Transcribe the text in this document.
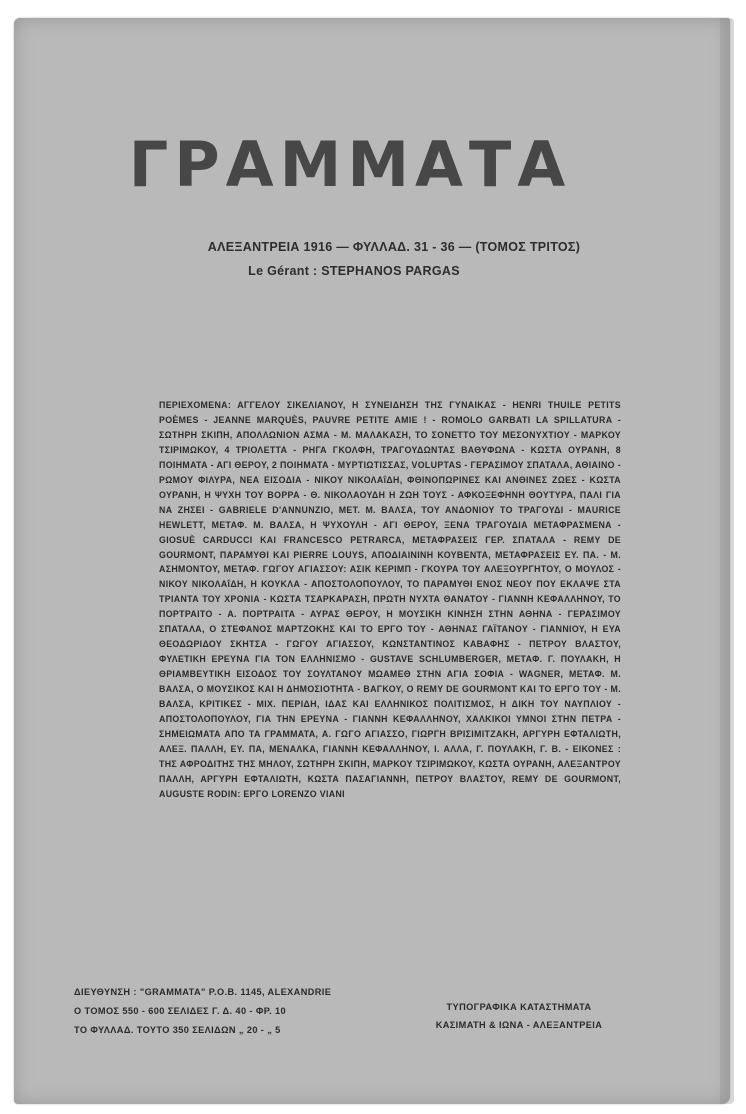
ΓΡΑΜΜΑΤΑ
ΑΛΕΞΑΝΤΡΕΙΑ 1916 — ΦΥΛΛΑΔ. 31 - 36 — (ΤΟΜΟΣ ΤΡΙΤΟΣ)
Le Gérant : STEPHANOS PARGAS
ΠΕΡΙΕΧΟΜΕΝΑ: ΑΓΓΕΛΟΥ ΣΙΚΕΛΙΑΝΟΥ, Η ΣΥΝΕΙΔΗΣΗ ΤΗΣ ΓΥΝΑΙΚΑΣ - HENRI THUILE PETITS POÈMES - JEANNE MARQUÈS, PAUVRE PETITE AMIE ! - ROMOLO GARBATI LA SPILLATURA - ΣΩΤΗΡΗ ΣΚΙΠΗ, ΑΠΟΛΛΩΝΙΟΝ ΑΣΜΑ - Μ. ΜΑΛΑΚΑΣΗ, ΤΟ ΣΟΝΕΤΤΟ ΤΟΥ ΜΕΣΟΝΥΧΤΙΟΥ - ΜΑΡΚΟΥ ΤΣΙΡΙΜΩΚΟΥ, 4 ΤΡΙΟΛΕΤΤΑ - ΡΗΓΑ ΓΚΟΛΦΗ, ΤΡΑΓΟΥΔΩΝΤΑΣ ΒΑΘΥΦΩΝΑ - ΚΩΣΤΑ ΟΥΡΑΝΗ, 8 ΠΟΙΗΜΑΤΑ - ΑΓΙ ΘΕΡΟΥ, 2 ΠΟΙΗΜΑΤΑ - ΜΥΡΤΙΩΤΙΣΣΑΣ, VOLUPTAS - ΓΕΡΑΣΙΜΟΥ ΣΠΑΤΑΛΑ, ΑΘΙΑΙΝΟ - ΡΩΜΟΥ ΦΙΛΥΡΑ, ΝΕΑ ΕΙΣΟΔΙΑ - ΝΙΚΟΥ ΝΙΚΟΛΑΐΔΗ, ΦΘΙΝΟΠΩΡΙΝΕΣ ΚΑΙ ΑΝΘΙΝΕΣ ΖΩΕΣ - ΚΩΣΤΑ ΟΥΡΑΝΗ, Η ΨΥΧΗ ΤΟΥ ΒΟΡΡΑ - Θ. ΝΙΚΟΛΑΟΥΔΗ Η ΖΩΗ ΤΟΥΣ - ΑΦΚΟΞΕΦΗΝΗ ΘΟΥΤΥΡΑ, ΠΑΛΙ ΓΙΑ ΝΑ ΖΗΣΕΙ - GABRIELE D'ANNUNZIO, ΜΕΤ. Μ. ΒΑΛΣΑ, ΤΟΥ ΑΝΔΟΝΙΟΥ ΤΟ ΤΡΑΓΟΥΔΙ - MAURICE HEWLETT, ΜΕΤΑΦ. Μ. ΒΑΛΣΑ, Η ΨΥΧΟΥΛΗ - ΑΓΙ ΘΕΡΟΥ, ΞΕΝΑ ΤΡΑΓΟΥΔΙΑ ΜΕΤΑΦΡΑΣΜΕΝΑ - GIOSUÈ CARDUCCI ΚΑΙ FRANCESCO PETRARCA, ΜΕΤΑΦΡΑΣΕΙΣ ΓΕΡ. ΣΠΑΤΑΛΑ - REMY DE GOURMONT, ΠΑΡΑΜΥΘΙ ΚΑΙ PIERRE LOUYS, ΑΠΟΔΙΑΙΝΙΝΗ ΚΟΥΒΕΝΤΑ, ΜΕΤΑΦΡΑΣΕΙΣ ΕΥ. ΠΑ. - Μ. ΑΣΗΜΟΝΤΟΥ, ΜΕΤΑΦ. ΓΩΓΟΥ ΑΓΙΑΣΣΟΥ: ΑΣΙΚ ΚΕΡΙΜΠ - ΓΚΟΥΡΑ ΤΟΥ ΑΛΕΞΟΥΡΓΗΤΟΥ, Ο ΜΟΥΛΟΣ - ΝΙΚΟΥ ΝΙΚΟΛΑΐΔΗ, Η ΚΟΥΚΛΑ - ΑΠΟΣΤΟΛΟΠΟΥΛΟΥ, ΤΟ ΠΑΡΑΜΥΘΙ ΕΝΟΣ ΝΕΟΥ ΠΟΥ ΕΚΛΑΨΕ ΣΤΑ ΤΡΙΑΝΤΑ ΤΟΥ ΧΡΟΝΙΑ - ΚΩΣΤΑ ΤΣΑΡΚΑΡΑΣΗ, ΠΡΩΤΗ ΝΥΧΤΑ ΘΑΝΑΤΟΥ - ΓΙΑΝΝΗ ΚΕΦΑΛΛΗΝΟΥ, ΤΟ ΠΟΡΤΡΑΙΤΟ - Α. ΠΟΡΤΡΑΙΤΑ - ΑΥΡΑΣ ΘΕΡΟΥ, Η ΜΟΥΣΙΚΗ ΚΙΝΗΣΗ ΣΤΗΝ ΑΘΗΝΑ - ΓΕΡΑΣΙΜΟΥ ΣΠΑΤΑΛΑ, Ο ΣΤΕΦΑΝΟΣ ΜΑΡΤΖΟΚΗΣ ΚΑΙ ΤΟ ΕΡΓΟ ΤΟΥ - ΑΘΗΝΑΣ ΓΑΪΤΑΝΟΥ - ΓΙΑΝΝΙΟΥ, Η ΕΥΑ ΘΕΟΔΩΡΙΔΟΥ ΣΚΗΤΣΑ - ΓΩΓΟΥ ΑΓΙΑΣΣΟΥ, ΚΩΝΣΤΑΝΤΙΝΟΣ ΚΑΒΑΦΗΣ - ΠΕΤΡΟΥ ΒΛΑΣΤΟΥ, ΦΥΛΕΤΙΚΗ ΕΡΕΥΝΑ ΓΙΑ ΤΟΝ ΕΛΛΗΝΙΣΜΟ - GUSTAVE SCHLUMBERGER, ΜΕΤΑΦ. Γ. ΠΟΥΛΑΚΗ, Η ΘΡΙΑΜΒΕΥΤΙΚΗ ΕΙΣΟΔΟΣ ΤΟΥ ΣΟΥΛΤΑΝΟΥ ΜΩΑΜΕΘ ΣΤΗΝ ΑΓΙΑ ΣΟΦΙΑ - WAGNER, ΜΕΤΑΦ. Μ. ΒΑΛΣΑ, Ο ΜΟΥΣΙΚΟΣ ΚΑΙ Η ΔΗΜΟΣΙΟΤΗΤΑ - ΒΑΓΚΟΥ, Ο REMY DE GOURMONT ΚΑΙ ΤΟ ΕΡΓΟ ΤΟΥ - Μ. ΒΑΛΣΑ, ΚΡΙΤΙΚΕΣ - ΜΙΧ. ΠΕΡΙΔΗ, ΙΔΑΣ ΚΑΙ ΕΛΛΗΝΙΚΟΣ ΠΟΛΙΤΙΣΜΟΣ, Η ΔΙΚΗ ΤΟΥ ΝΑΥΠΛΙΟΥ - ΑΠΟΣΤΟΛΟΠΟΥΛΟΥ, ΓΙΑ ΤΗΝ ΕΡΕΥΝΑ - ΓΙΑΝΝΗ ΚΕΦΑΛΛΗΝΟΥ, ΧΑΛΚΙΚΟΙ ΥΜΝΟΙ ΣΤΗΝ ΠΕΤΡΑ - ΣΗΜΕΙΩΜΑΤΑ ΑΠΟ ΤΑ ΓΡΑΜΜΑΤΑ, Α. ΓΩΓΟ ΑΓΙΑΣΣΟ, ΓΙΩΡΓΗ ΒΡΙΣΙΜΙΤΖΑΚΗ, ΑΡΓΥΡΗ ΕΦΤΑΛΙΩΤΗ, ΑΛΕΞ. ΠΑΛΛΗ, ΕΥ. ΠΑ, ΜΕΝΑΛΚΑ, ΓΙΑΝΝΗ ΚΕΦΑΛΛΗΝΟΥ, Ι. ΑΛΛΑ, Γ. ΠΟΥΛΑΚΗ, Γ. Β. - ΕΙΚΟΝΕΣ : ΤΗΣ ΑΦΡΟΔΙΤΗΣ ΤΗΣ ΜΗΛΟΥ, ΣΩΤΗΡΗ ΣΚΙΠΗ, ΜΑΡΚΟΥ ΤΣΙΡΙΜΩΚΟΥ, ΚΩΣΤΑ ΟΥΡΑΝΗ, ΑΛΕΞΑΝΤΡΟΥ ΠΑΛΛΗ, ΑΡΓΥΡΗ ΕΦΤΑΛΙΩΤΗ, ΚΩΣΤΑ ΠΑΣΑΓΙΑΝΝΗ, ΠΕΤΡΟΥ ΒΛΑΣΤΟΥ, REMY DE GOURMONT, AUGUSTE RODIN: ΕΡΓΟ LORENZO VIANI
ΔΙΕΥΘΥΝΣΗ : "GRAMMATA" P.O.B. 1145, ALEXANDRIE
Ο ΤΟΜΟΣ 550 - 600 ΣΕΛΙΔΕΣ Γ. Δ. 40 - ΦΡ. 10
ΤΟ ΦΥΛΛΑΔ. ΤΟΥΤΟ 350 ΣΕΛΙΔΩΝ „ 20 - „ 5
ΤΥΠΟΓΡΑΦΙΚΑ ΚΑΤΑΣΤΗΜΑΤΑ
ΚΑΣΙΜΑΤΗ & ΙΩΝΑ - ΑΛΕΞΑΝΤΡΕΙΑ
